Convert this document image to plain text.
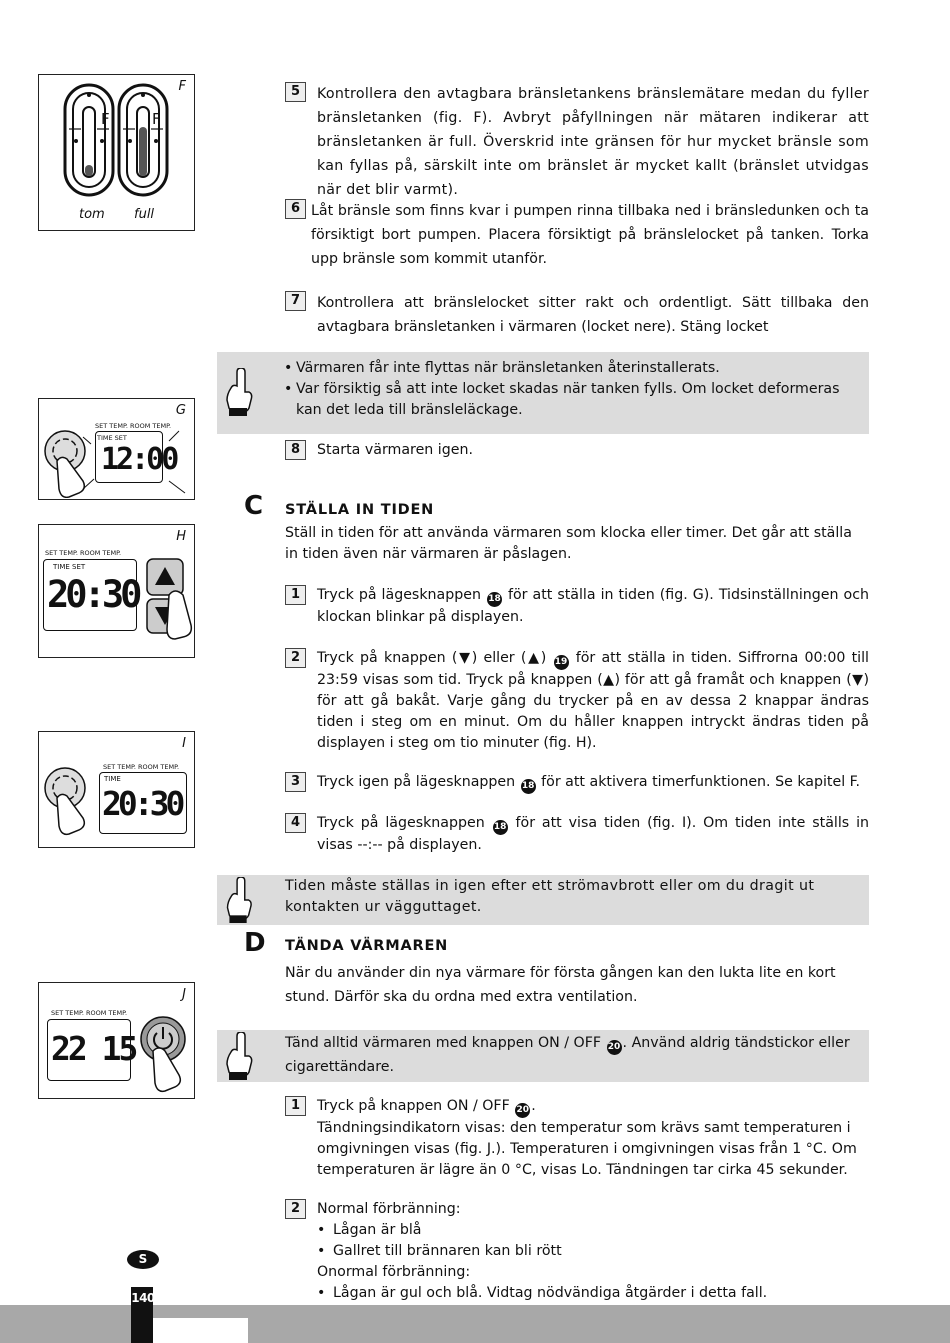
F
F	F
tom full
G
SET TEMP. ROOM TEMP.
TIME SET
12:00
H
SET TEMP. ROOM TEMP.
TIME SET
20:30
I
SET TEMP. ROOM TEMP.
TIME
20:30
J
SET TEMP. ROOM TEMP.
22 15
5	Kontrollera den avtagbara bränsletankens bränslemätare medan du fyller bränsletanken (fig. F). Avbryt påfyllningen när mätaren indikerar att bränsletanken är full. Överskrid inte gränsen för hur mycket bränsle som kan fyllas på, särskilt inte om bränslet är mycket kallt (bränslet utvidgas när det blir varmt).

6 Låt bränsle som finns kvar i pumpen rinna tillbaka ned i bränsledunken och ta försiktigt bort pumpen. Placera försiktigt på bränslelocket på tanken. Torka upp bränsle som kommit utanför.

7	Kontrollera att bränslelocket sitter rakt och ordentligt. Sätt tillbaka den avtagbara bränsletanken i värmaren (locket nere). Stäng locket

• Värmaren får inte flyttas när bränsletanken återinstallerats.
• Var försiktig så att inte locket skadas när tanken fylls. Om locket deformeras kan det leda till bränsleläckage.
8	Starta värmaren igen.

C STÄLLA IN TIDEN

Ställ in tiden för att använda värmaren som klocka eller timer. Det går att ställa in tiden även när värmaren är påslagen.

1	Tryck på lägesknappen 18 för att ställa in tiden (fig. G). Tidsinställningen och klockan blinkar på displayen.

2	Tryck på knappen (▼) eller (▲) 19 för att ställa in tiden. Siffrorna 00:00 till 23:59 visas som tid. Tryck på knappen (▲) för att gå framåt och knappen (▼) för att gå bakåt. Varje gång du trycker på en av dessa 2 knappar ändras tiden i steg om en minut. Om du håller knappen intryckt ändras tiden på displayen i steg om tio minuter (fig. H).

3	Tryck igen på lägesknappen 18 för att aktivera timerfunktionen. Se kapitel F.

4	Tryck på lägesknappen 18 för att visa tiden (fig. I). Om tiden inte ställs in visas --:-- på displayen.

Tiden måste ställas in igen efter ett strömavbrott eller om du dragit ut kontakten ur vägguttaget.

D TÄNDA VÄRMAREN

När du använder din nya värmare för första gången kan den lukta lite en kort stund. Därför ska du ordna med extra ventilation.

Tänd alltid värmaren med knappen ON / OFF 20 . Använd aldrig tändstickor eller cigarettändare.

1	Tryck på knappen ON / OFF 20 .

Tändningsindikatorn visas: den temperatur som krävs samt temperaturen i omgivningen visas (fig. J.). Temperaturen i omgivningen visas från 1 °C. Om temperaturen är lägre än 0 °C, visas Lo. Tändningen tar cirka 45 sekunder.

2	Normal förbränning:

• Lågan är blå
• Gallret till brännaren kan bli rött

Onormal förbränning:

• Lågan är gul och blå. Vidtag nödvändiga åtgärder i detta fall.
S
140
